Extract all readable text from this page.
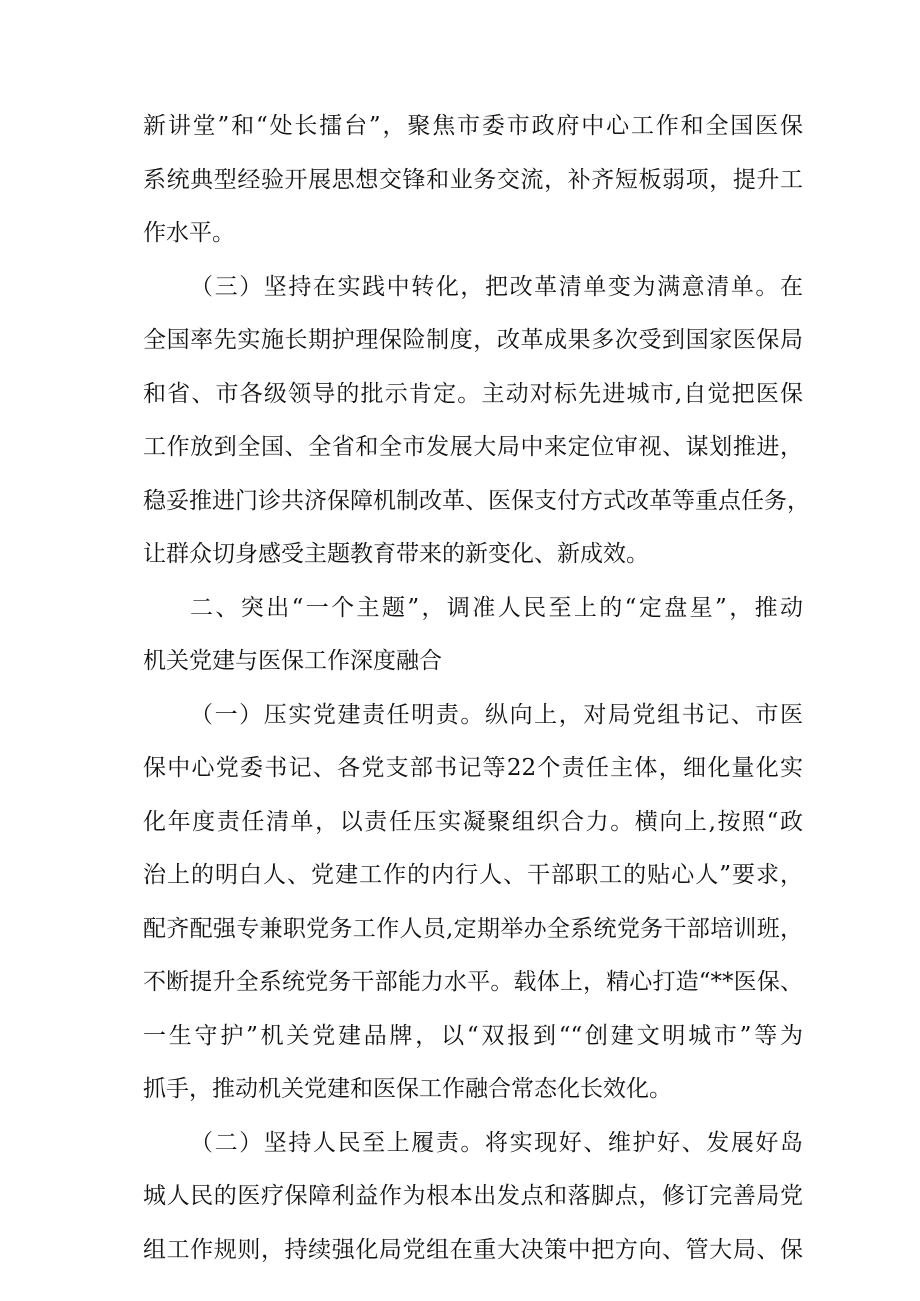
新讲堂”和“处长擂台”，聚焦市委市政府中心工作和全国医保
系统典型经验开展思想交锋和业务交流，补齐短板弱项，提升工
作水平。
（三）坚持在实践中转化，把改革清单变为满意清单。在
全国率先实施长期护理保险制度，改革成果多次受到国家医保局
和省、市各级领导的批示肯定。主动对标先进城市,自觉把医保
工作放到全国、全省和全市发展大局中来定位审视、谋划推进，
稳妥推进门诊共济保障机制改革、医保支付方式改革等重点任务，
让群众切身感受主题教育带来的新变化、新成效。
二、突出“一个主题”，调准人民至上的“定盘星”，推动
机关党建与医保工作深度融合
（一）压实党建责任明责。纵向上，对局党组书记、市医
保中心党委书记、各党支部书记等22个责任主体，细化量化实
化年度责任清单，以责任压实凝聚组织合力。横向上,按照“政
治上的明白人、党建工作的内行人、干部职工的贴心人”要求，
配齐配强专兼职党务工作人员,定期举办全系统党务干部培训班，
不断提升全系统党务干部能力水平。载体上，精心打造“**医保、
一生守护”机关党建品牌，以“双报到““创建文明城市”等为
抓手，推动机关党建和医保工作融合常态化长效化。
（二）坚持人民至上履责。将实现好、维护好、发展好岛
城人民的医疗保障利益作为根本出发点和落脚点，修订完善局党
组工作规则，持续强化局党组在重大决策中把方向、管大局、保
